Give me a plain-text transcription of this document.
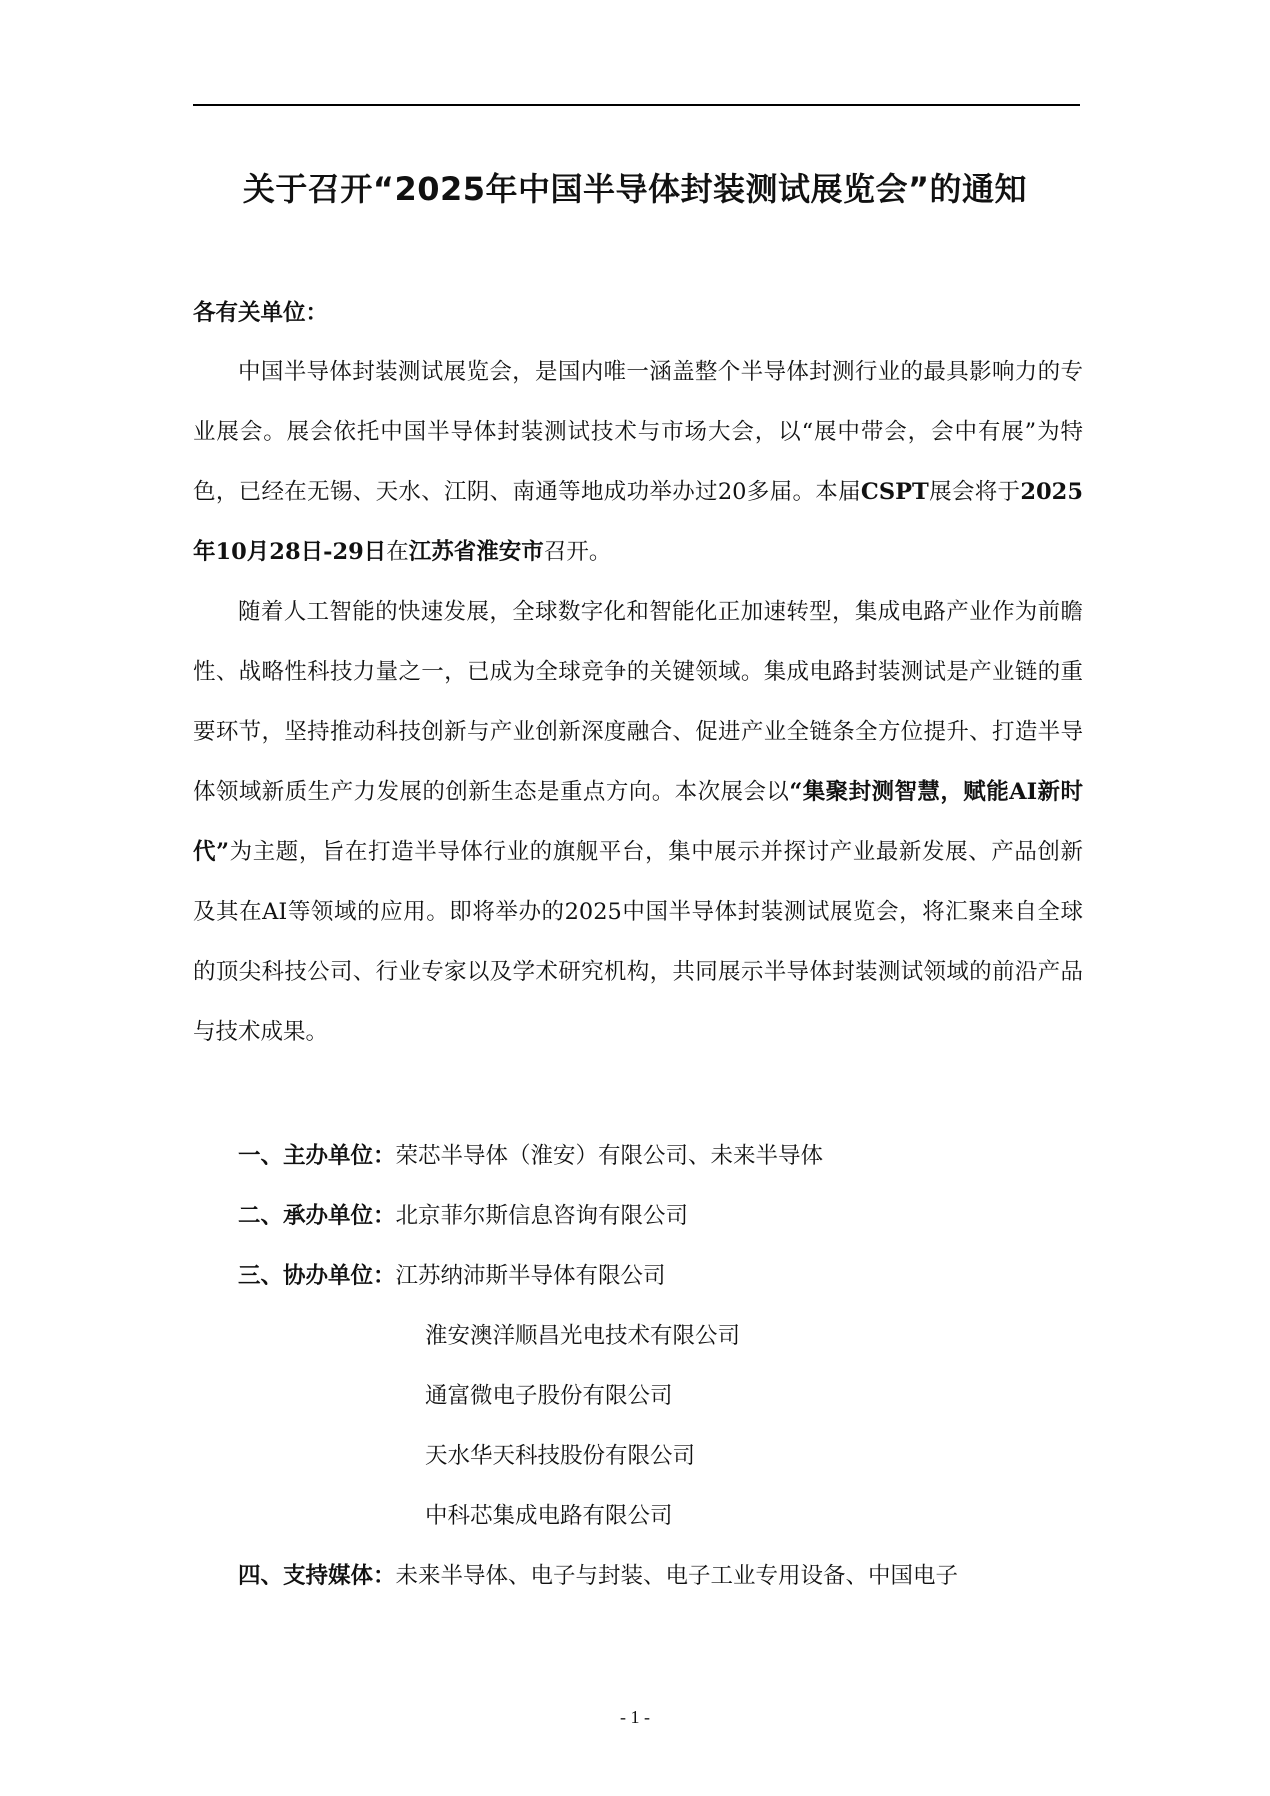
关于召开“2025年中国半导体封装测试展览会”的通知

各有关单位：

中国半导体封装测试展览会，是国内唯一涵盖整个半导体封测行业的最具影响力的专业展会。展会依托中国半导体封装测试技术与市场大会，以“展中带会，会中有展”为特色，已经在无锡、天水、江阴、南通等地成功举办过20多届。本届CSPT展会将于2025年10月28日-29日在江苏省淮安市召开。

随着人工智能的快速发展，全球数字化和智能化正加速转型，集成电路产业作为前瞻性、战略性科技力量之一，已成为全球竞争的关键领域。集成电路封装测试是产业链的重要环节，坚持推动科技创新与产业创新深度融合、促进产业全链条全方位提升、打造半导体领域新质生产力发展的创新生态是重点方向。本次展会以“集聚封测智慧，赋能AI新时代”为主题，旨在打造半导体行业的旗舰平台，集中展示并探讨产业最新发展、产品创新及其在AI等领域的应用。即将举办的2025中国半导体封装测试展览会，将汇聚来自全球的顶尖科技公司、行业专家以及学术研究机构，共同展示半导体封装测试领域的前沿产品与技术成果。

一、主办单位：荣芯半导体（淮安）有限公司、未来半导体
二、承办单位：北京菲尔斯信息咨询有限公司
三、协办单位：江苏纳沛斯半导体有限公司
淮安澳洋顺昌光电技术有限公司
通富微电子股份有限公司
天水华天科技股份有限公司
中科芯集成电路有限公司
四、支持媒体：未来半导体、电子与封装、电子工业专用设备、中国电子
- 1 -
